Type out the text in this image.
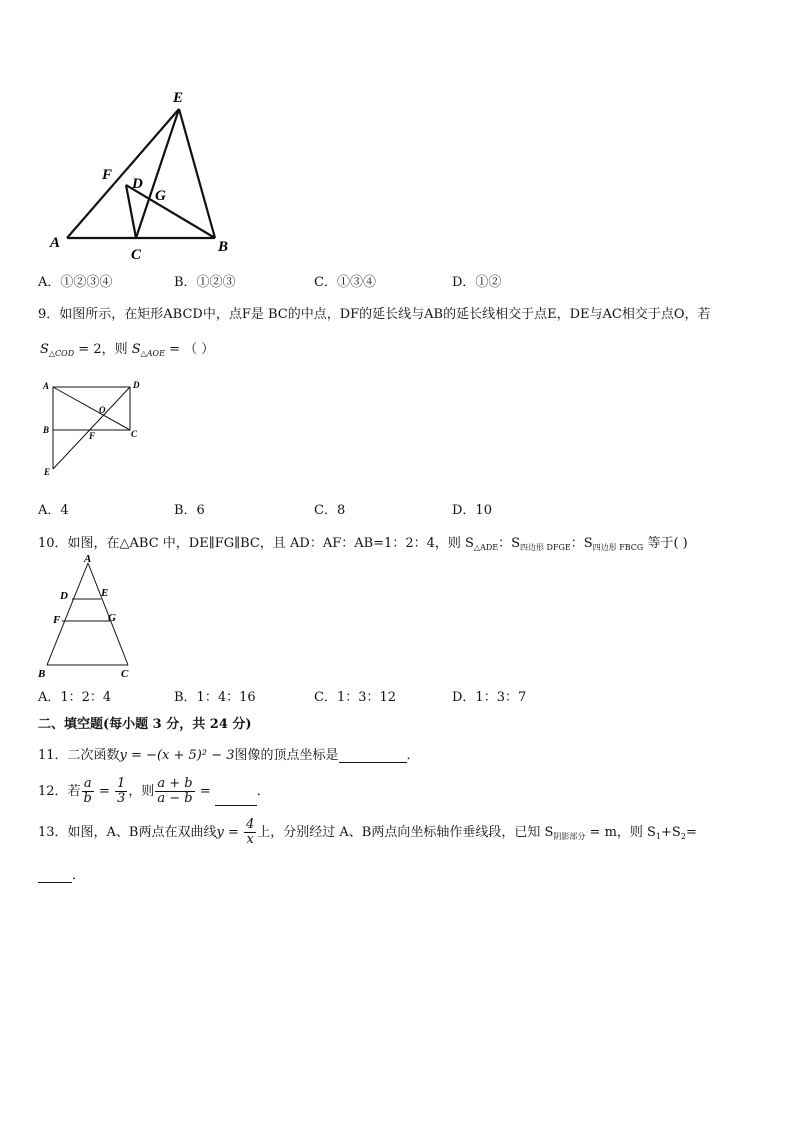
E
F
D
G
A
C	B
A．①②③④	B．①②③	C．①③④	D．①②
9．如图所示，在矩形ABCD中，点F是 BC的中点，DF的延长线与AB的延长线相交于点E，DE与AC相交于点O，若
$S_{\triangle COD} = 2$，则 $S_{\triangle AOE}$ = （ ）
A	D
O
B
F	C
E
A．4	B．6	C．8	D．10
10．如图，在△ABC 中，DE∥FG∥BC，且 AD：AF：AB=1：2：4，则 $S_{\triangle ADE}$：$S_{四边形 DFGE}$：$S_{四边形 FBCG}$ 等于( )
A
D	E
F	G
B	C
A．1：2：4	B．1：4：16	C．1：3：12	D．1：3：7
二、填空题(每小题 3 分，共 24 分)
11．二次函数y = −(x + 5)² − 3图像的顶点坐标是	．
12．若 $\frac{a}{b} = \frac{1}{3}$ ，则 $\frac{a + b}{a - b}$ =	．
13．如图，A、B两点在双曲线$y = \frac{4}{x}$ 上，分别经过 A、B两点向坐标轴作垂线段，已知 $S_{阴影部分} = m$，则 $S_1+S_2=$
．
